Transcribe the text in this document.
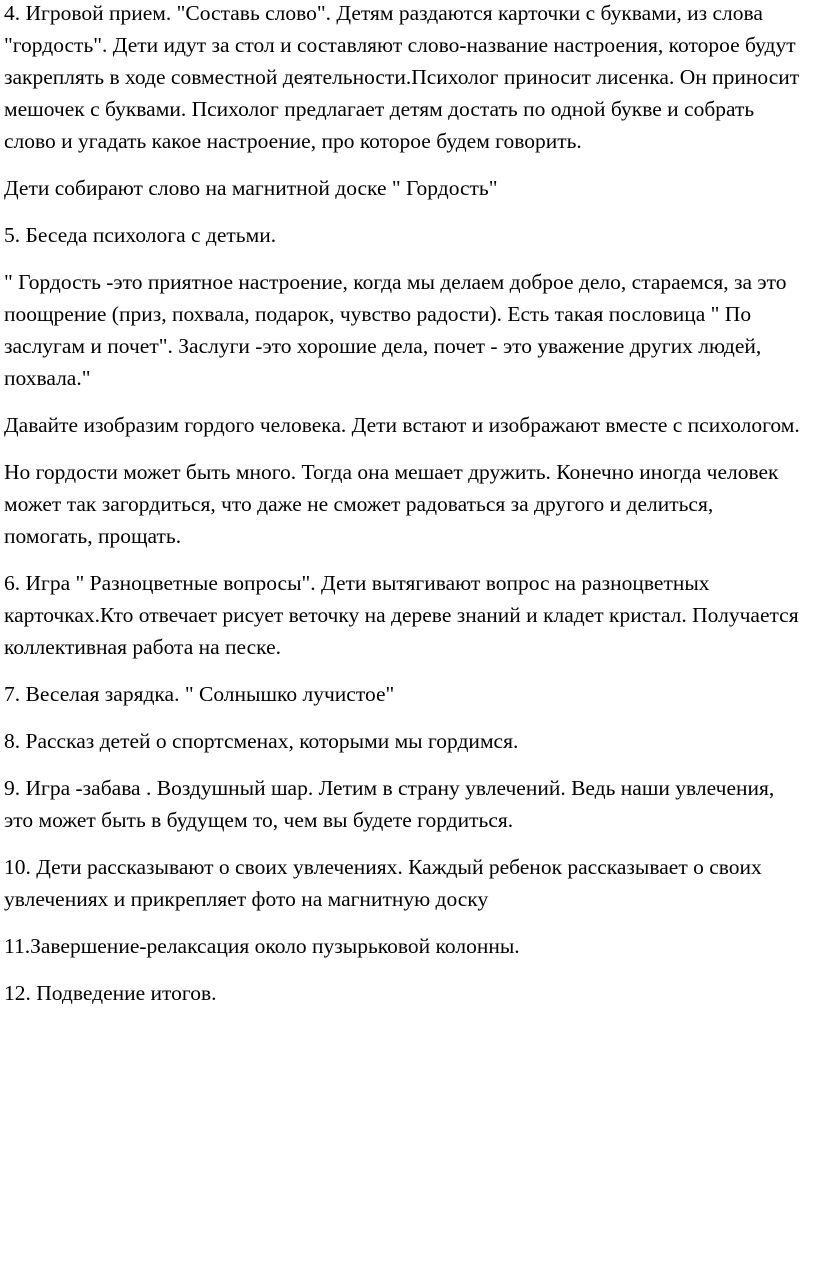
4. Игровой прием. "Составь слово". Детям раздаются карточки с буквами, из слова "гордость". Дети идут за стол и составляют слово-название настроения, которое будут закреплять в ходе совместной деятельности.Психолог приносит лисенка. Он приносит мешочек с буквами. Психолог предлагает детям достать по одной букве и собрать слово и угадать какое настроение, про которое будем говорить.

Дети собирают слово на магнитной доске " Гордость"

5. Беседа психолога с детьми.

" Гордость -это приятное настроение, когда мы делаем доброе дело, стараемся, за это поощрение (приз, похвала, подарок, чувство радости). Есть такая пословица " По заслугам и почет". Заслуги -это хорошие дела, почет - это уважение других людей, похвала."

Давайте изобразим гордого человека. Дети встают и изображают вместе с психологом.

Но гордости может быть много. Тогда она мешает дружить. Конечно иногда человек может так загордиться, что даже не сможет радоваться за другого и делиться, помогать, прощать.

6. Игра " Разноцветные вопросы". Дети вытягивают вопрос на разноцветных карточках.Кто отвечает рисует веточку на дереве знаний и кладет кристал. Получается коллективная работа на песке.

7. Веселая зарядка. " Солнышко лучистое"

8. Рассказ детей о спортсменах, которыми мы гордимся.

9. Игра -забава . Воздушный шар. Летим в страну увлечений. Ведь наши увлечения, это может быть в будущем то, чем вы будете гордиться.

10. Дети рассказывают о своих увлечениях. Каждый ребенок рассказывает о своих увлечениях и прикрепляет фото на магнитную доску

11.Завершение-релаксация около пузырьковой колонны.

12. Подведение итогов.
